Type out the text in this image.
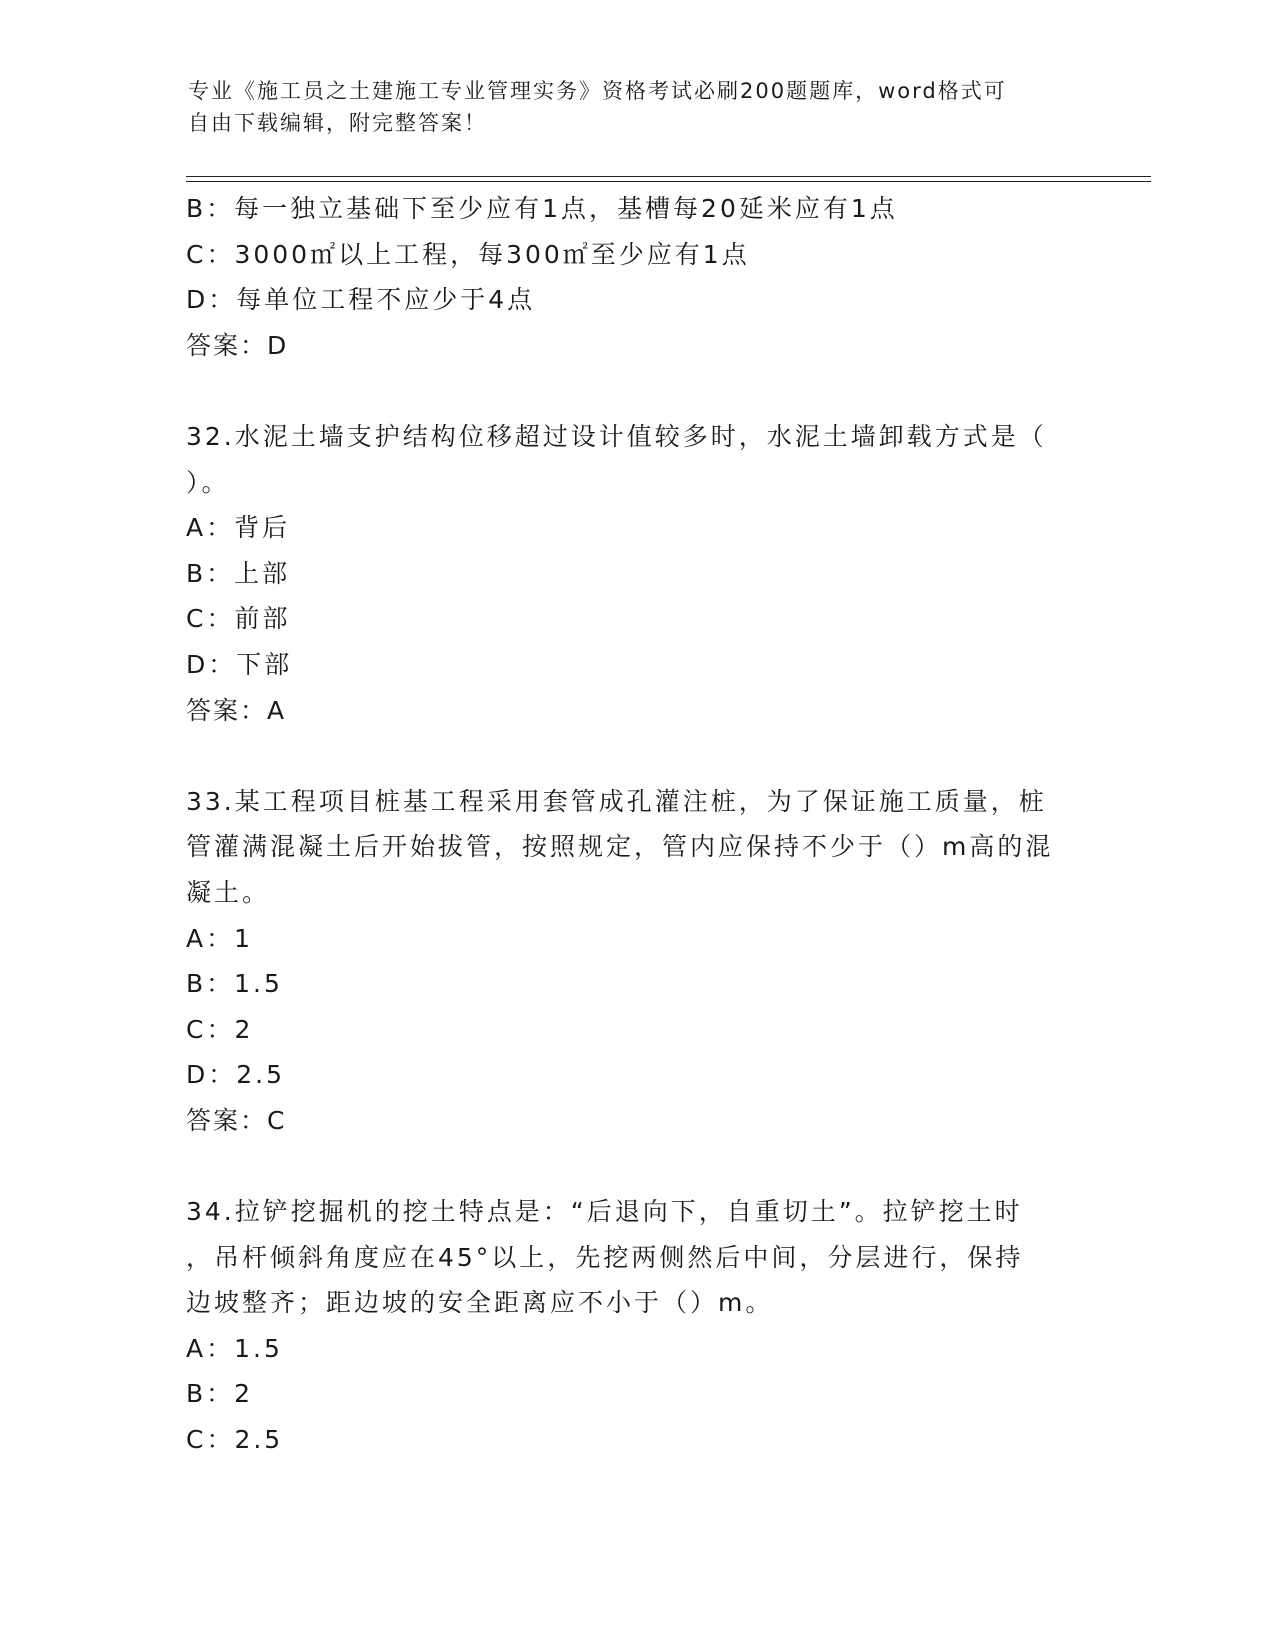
专业《施工员之土建施工专业管理实务》资格考试必刷200题题库，word格式可
自由下载编辑，附完整答案！
B：每一独立基础下至少应有1点，基槽每20延米应有1点
C：3000㎡以上工程，每300㎡至少应有1点
D：每单位工程不应少于4点
答案：D
32.水泥土墙支护结构位移超过设计值较多时，水泥土墙卸载方式是（
）。
A：背后
B：上部
C：前部
D：下部
答案：A
33.某工程项目桩基工程采用套管成孔灌注桩，为了保证施工质量，桩
管灌满混凝土后开始拔管，按照规定，管内应保持不少于（）m高的混
凝土。
A：1
B：1.5
C：2
D：2.5
答案：C
34.拉铲挖掘机的挖土特点是：“后退向下，自重切土”。拉铲挖土时
，吊杆倾斜角度应在45°以上，先挖两侧然后中间，分层进行，保持
边坡整齐；距边坡的安全距离应不小于（）m。
A：1.5
B：2
C：2.5
